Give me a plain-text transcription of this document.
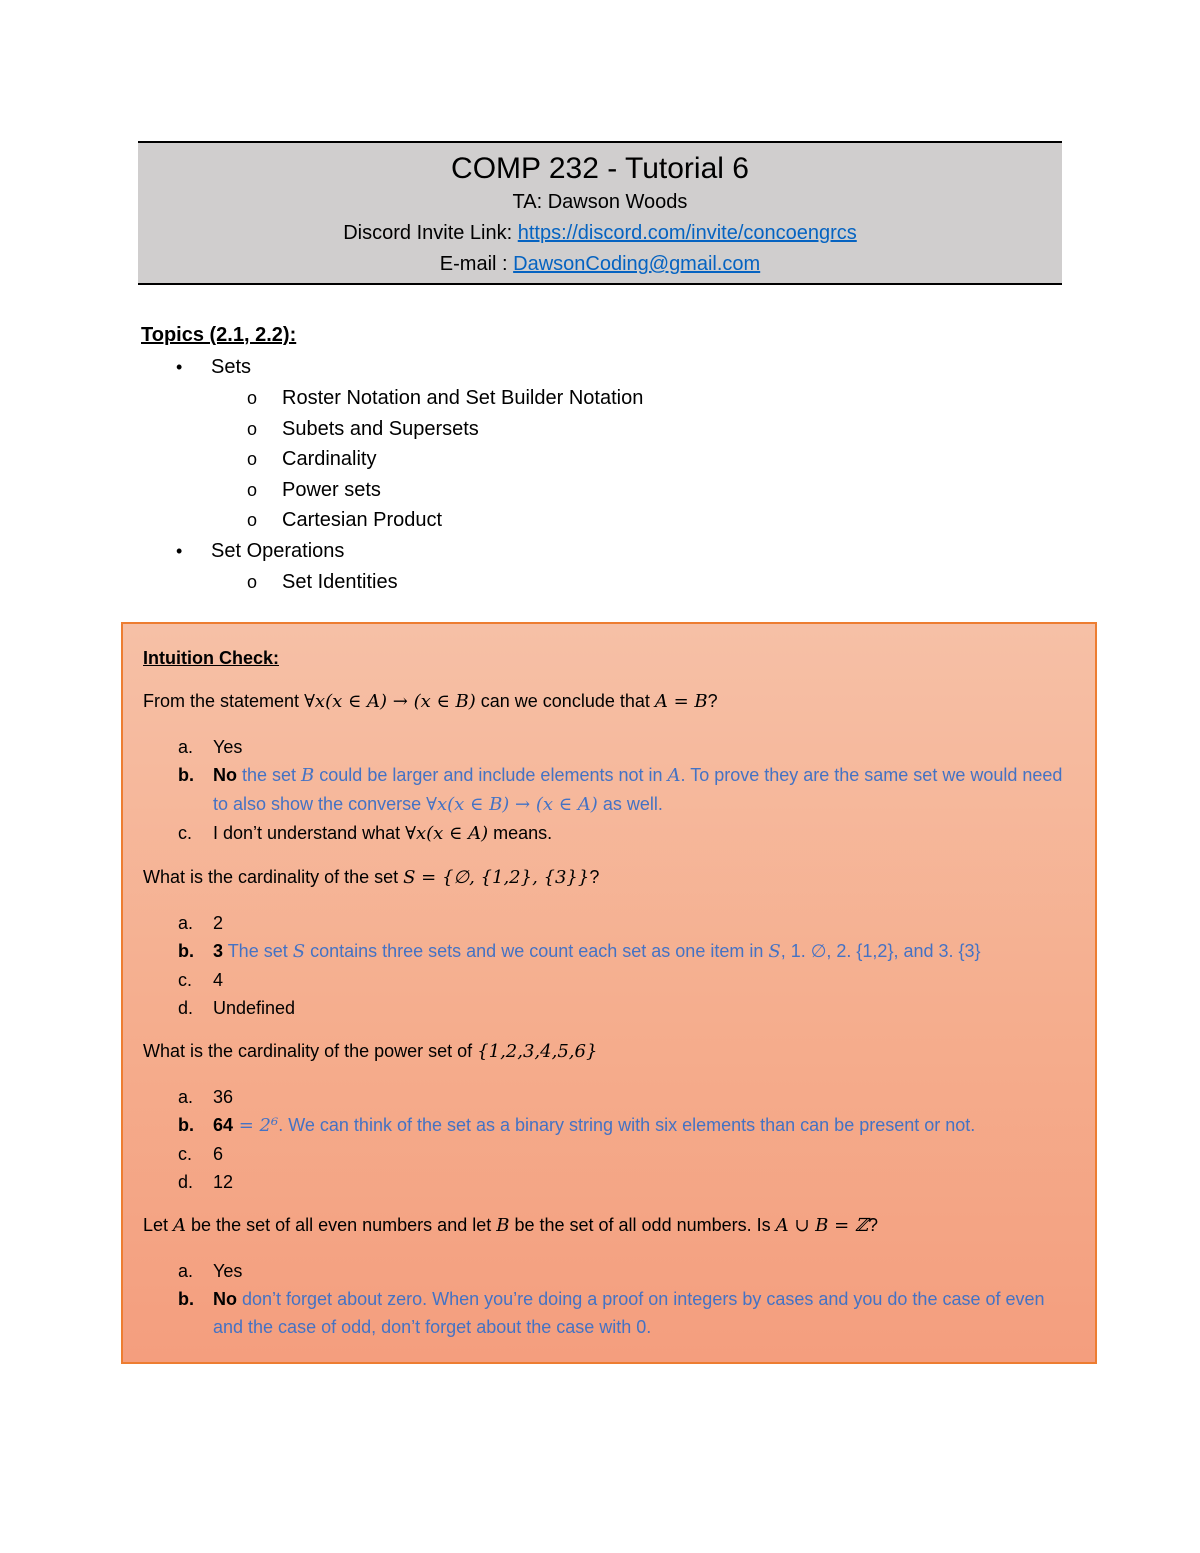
COMP 232 - Tutorial 6
TA: Dawson Woods
Discord Invite Link: https://discord.com/invite/concoengrcs
E-mail : DawsonCoding@gmail.com
Topics (2.1, 2.2):
• Sets
o Roster Notation and Set Builder Notation
o Subets and Supersets
o Cardinality
o Power sets
o Cartesian Product
• Set Operations
o Set Identities
Intuition Check:
From the statement ∀x(x ∈ A) → (x ∈ B) can we conclude that A = B?
a. Yes
b. No the set B could be larger and include elements not in A. To prove they are the same set we would need to also show the converse ∀x(x ∈ B) → (x ∈ A) as well.
c. I don’t understand what ∀x(x ∈ A) means.
What is the cardinality of the set S = {∅, {1,2}, {3}}?
a. 2
b. 3 The set S contains three sets and we count each set as one item in S, 1. ∅, 2. {1,2}, and 3. {3}
c. 4
d. Undefined
What is the cardinality of the power set of {1,2,3,4,5,6}
a. 36
b. 64 = 2⁶. We can think of the set as a binary string with six elements than can be present or not.
c. 6
d. 12
Let A be the set of all even numbers and let B be the set of all odd numbers. Is A ∪ B = ℤ?
a. Yes
b. No don’t forget about zero. When you’re doing a proof on integers by cases and you do the case of even and the case of odd, don’t forget about the case with 0.
